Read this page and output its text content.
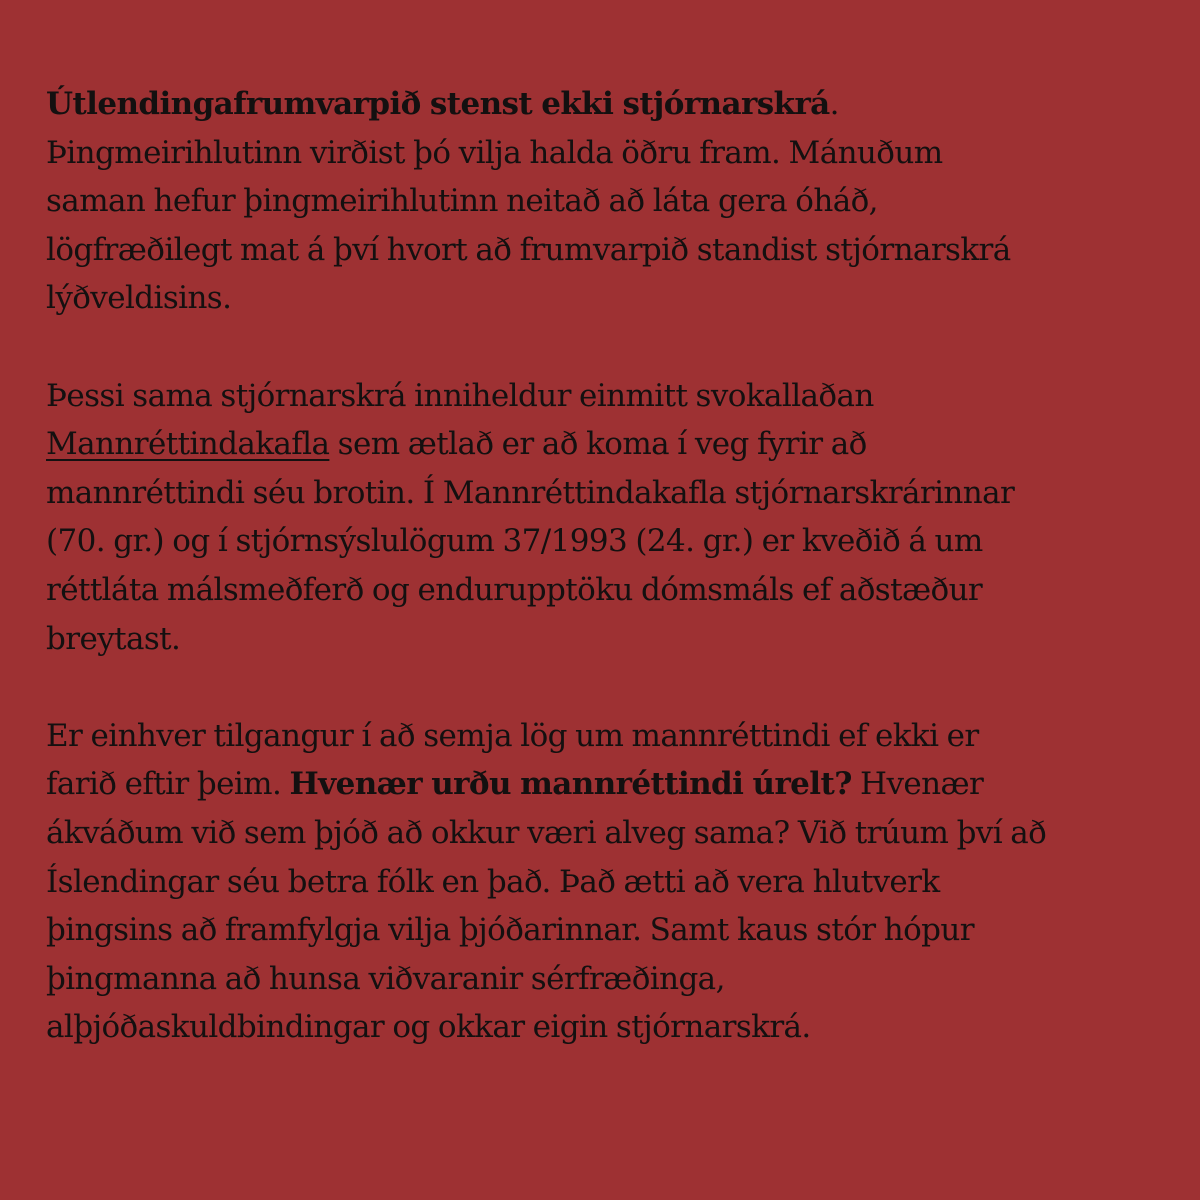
Útlendingafrumvarpið stenst ekki stjórnarskrá.
Þingmeirihlutinn virðist þó vilja halda öðru fram. Mánuðum
saman hefur þingmeirihlutinn neitað að láta gera óháð,
lögfræðilegt mat á því hvort að frumvarpið standist stjórnarskrá
lýðveldisins.

Þessi sama stjórnarskrá inniheldur einmitt svokallaðan
Mannréttindakafla sem ætlað er að koma í veg fyrir að
mannréttindi séu brotin. Í Mannréttindakafla stjórnarskrárinnar
(70. gr.) og í stjórnsýslulögum 37/1993 (24. gr.) er kveðið á um
réttláta málsmeðferð og endurupptöku dómsmáls ef aðstæður
breytast.

Er einhver tilgangur í að semja lög um mannréttindi ef ekki er
farið eftir þeim. Hvenær urðu mannréttindi úrelt? Hvenær
ákváðum við sem þjóð að okkur væri alveg sama? Við trúum því að
Íslendingar séu betra fólk en það. Það ætti að vera hlutverk
þingsins að framfylgja vilja þjóðarinnar. Samt kaus stór hópur
þingmanna að hunsa viðvaranir sérfræðinga,
alþjóðaskuldbindingar og okkar eigin stjórnarskrá.
